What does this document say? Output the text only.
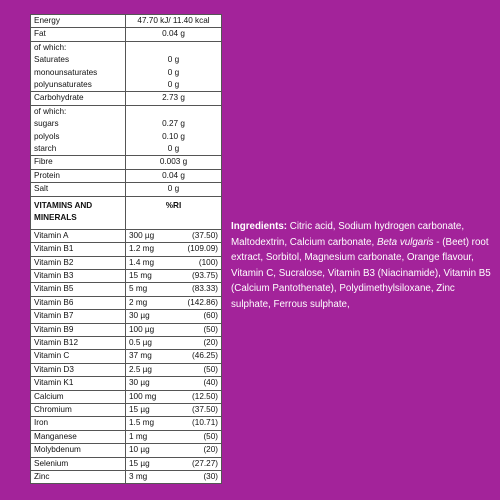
Energy	47.70 kJ/ 11.40 kcal	
Fat	0.04 g	
of which:		
Saturates	0 g	
monounsaturates	0 g	
polyunsaturates	0 g	
Carbohydrate	2.73 g	
of which:		
sugars	0.27 g	
polyols	0.10 g	
starch	0 g	
Fibre	0.003 g	
Protein	0.04 g	
Salt	0 g	
VITAMINS AND MINERALS	%RI	
Vitamin A	300 µg	(37.50)
Vitamin B1	1.2 mg	(109.09)
Vitamin B2	1.4 mg	(100)
Vitamin B3	15 mg	(93.75)
Vitamin B5	5 mg	(83.33)
Vitamin B6	2 mg	(142.86)
Vitamin B7	30 µg	(60)
Vitamin B9	100 µg	(50)
Vitamin B12	0.5 µg	(20)
Vitamin C	37 mg	(46.25)
Vitamin D3	2.5 µg	(50)
Vitamin K1	30 µg	(40)
Calcium	100 mg	(12.50)
Chromium	15 µg	(37.50)
Iron	1.5 mg	(10.71)
Manganese	1 mg	(50)
Molybdenum	10 µg	(20)
Selenium	15 µg	(27.27)
Zinc	3 mg	(30)
Ingredients: Citric acid, Sodium hydrogen carbonate, Maltodextrin, Calcium carbonate, Beta vulgaris - (Beet) root extract, Sorbitol, Magnesium carbonate, Orange flavour, Vitamin C, Sucralose, Vitamin B3 (Niacinamide), Vitamin B5 (Calcium Pantothenate), Polydimethylsiloxane, Zinc sulphate, Ferrous sulphate,
